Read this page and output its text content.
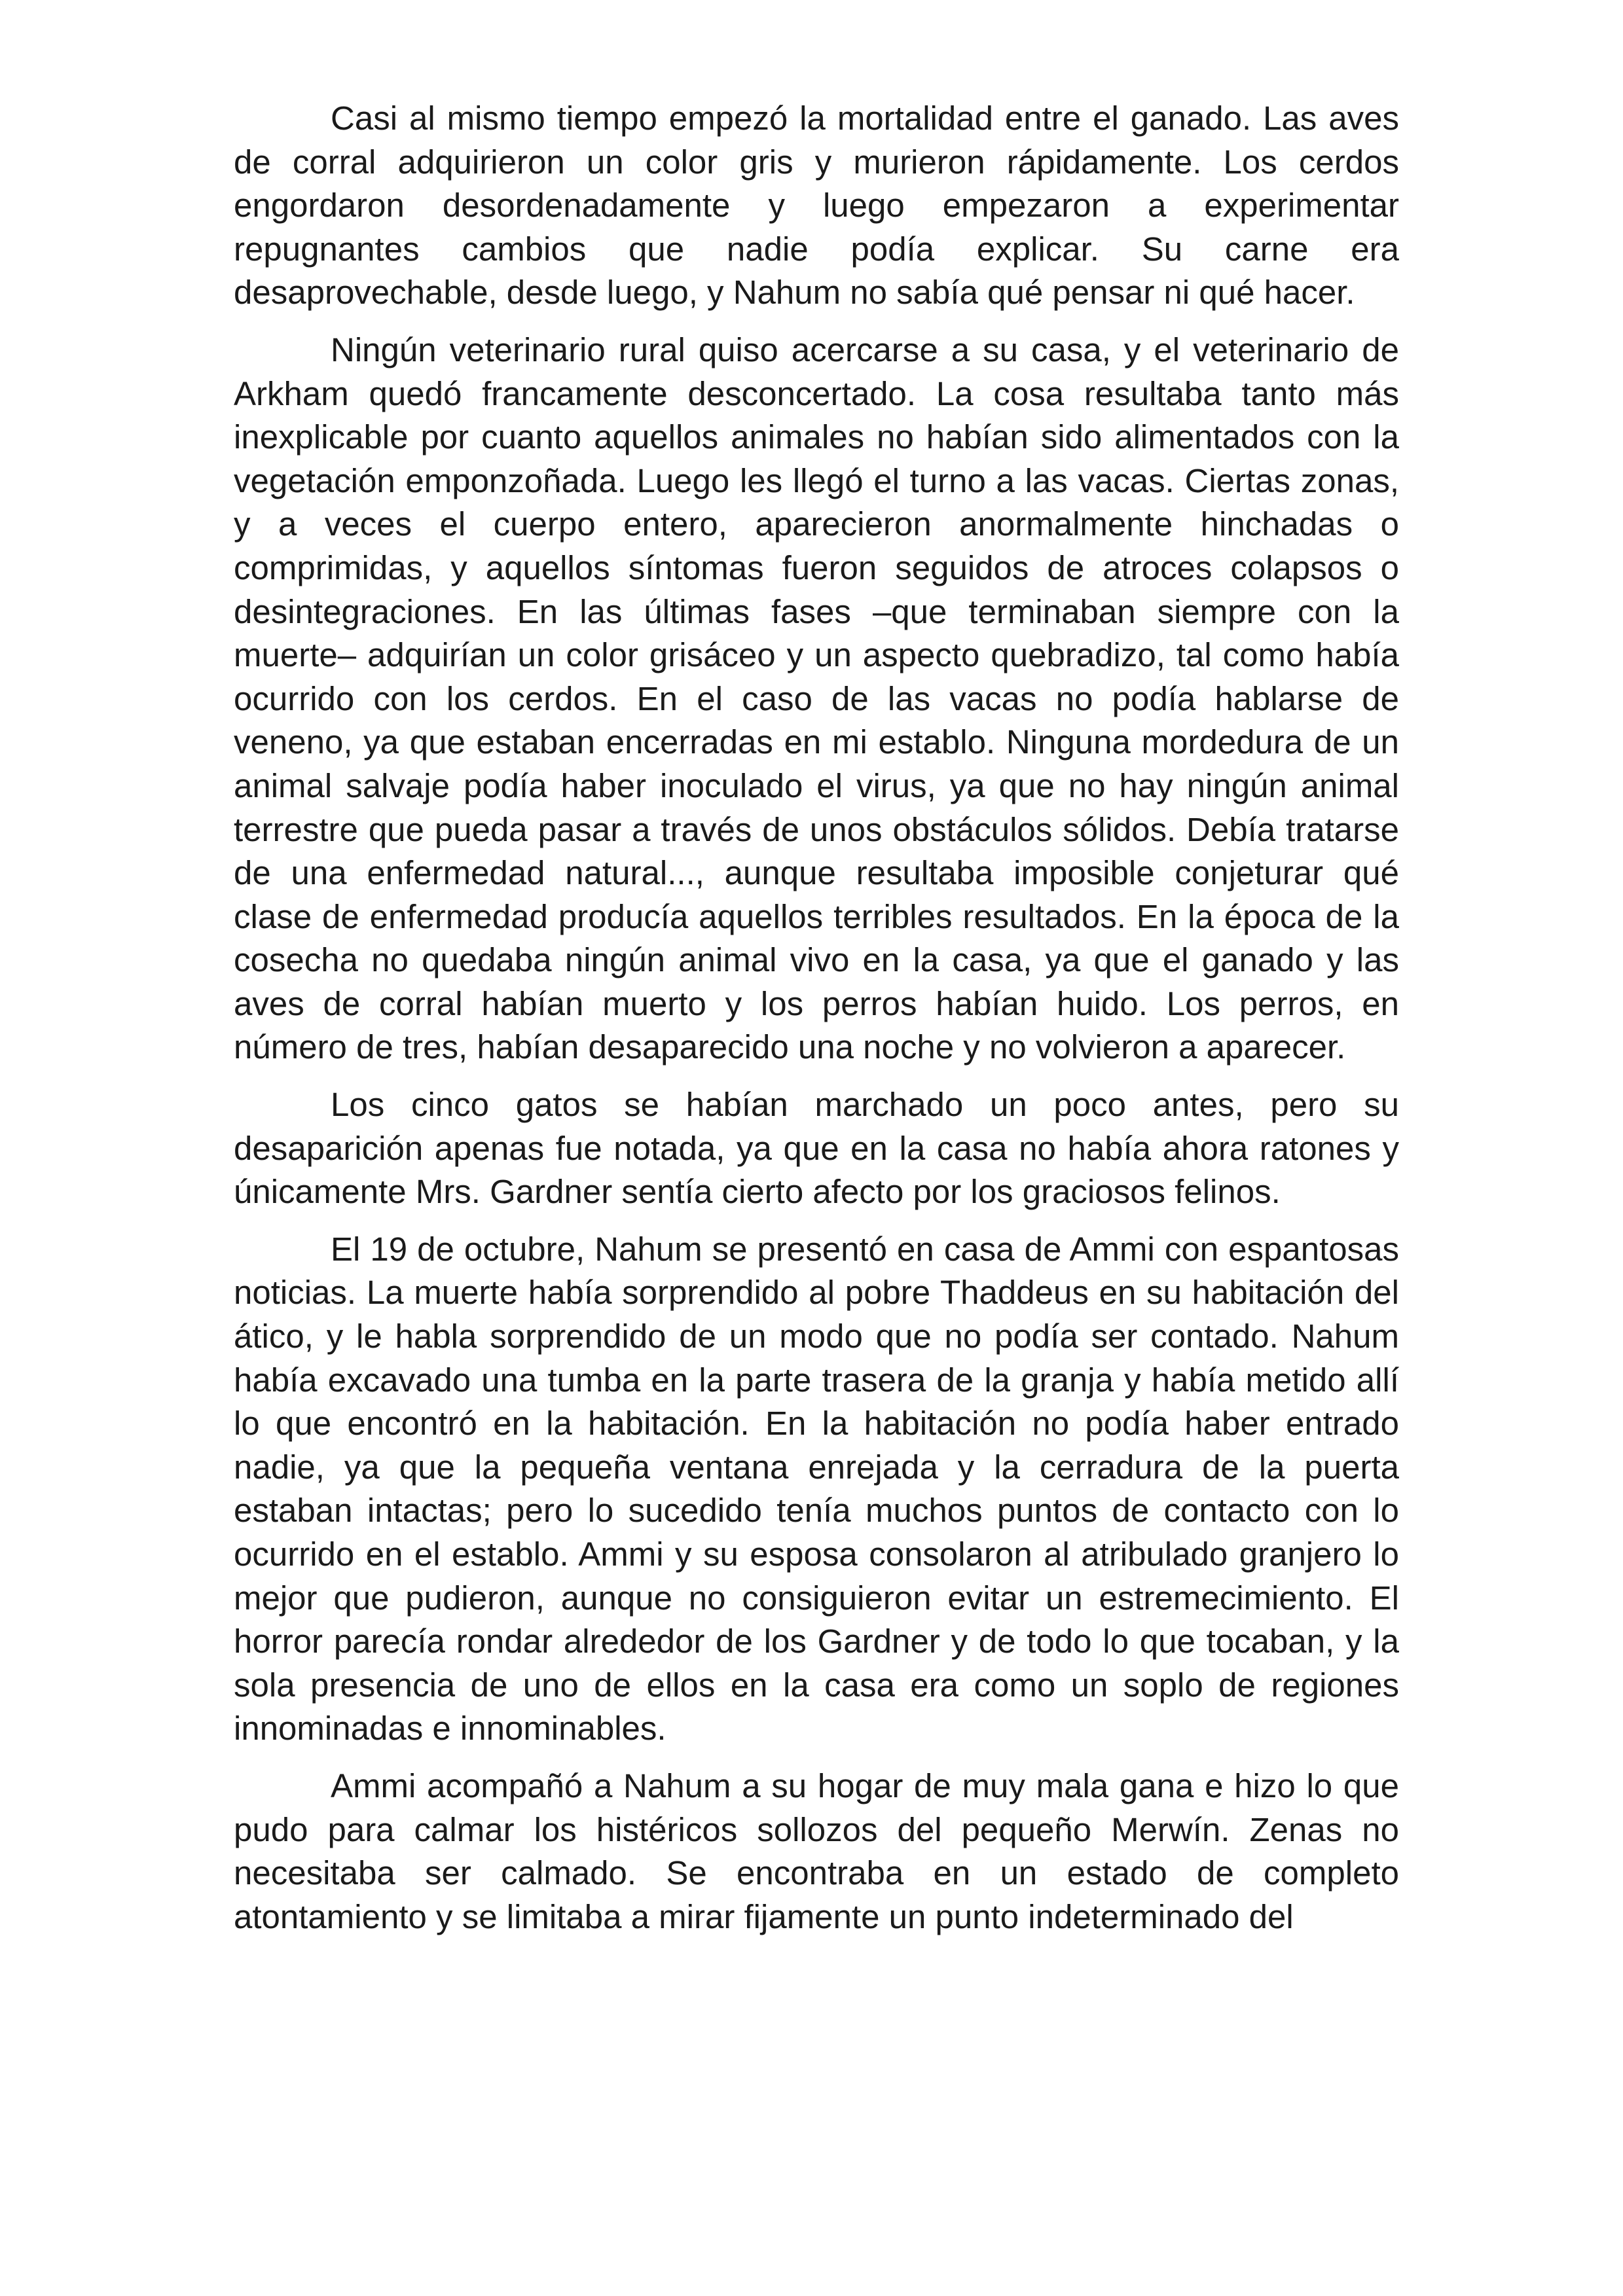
Casi al mismo tiempo empezó la mortalidad entre el ganado. Las aves de corral adquirieron un color gris y murieron rápidamente. Los cerdos engordaron desordenadamente y luego empezaron a experimentar repugnantes cambios que nadie podía explicar. Su carne era desaprovechable, desde luego, y Nahum no sabía qué pensar ni qué hacer.

Ningún veterinario rural quiso acercarse a su casa, y el veterinario de Arkham quedó francamente desconcertado. La cosa resultaba tanto más inexplicable por cuanto aquellos animales no habían sido alimentados con la vegetación emponzoñada. Luego les llegó el turno a las vacas. Ciertas zonas, y a veces el cuerpo entero, aparecieron anormalmente hinchadas o comprimidas, y aquellos síntomas fueron seguidos de atroces colapsos o desintegraciones. En las últimas fases –que terminaban siempre con la muerte– adquirían un color grisáceo y un aspecto quebradizo, tal como había ocurrido con los cerdos. En el caso de las vacas no podía hablarse de veneno, ya que estaban encerradas en mi establo. Ninguna mordedura de un animal salvaje podía haber inoculado el virus, ya que no hay ningún animal terrestre que pueda pasar a través de unos obstáculos sólidos. Debía tratarse de una enfermedad natural..., aunque resultaba imposible conjeturar qué clase de enfermedad producía aquellos terribles resultados. En la época de la cosecha no quedaba ningún animal vivo en la casa, ya que el ganado y las aves de corral habían muerto y los perros habían huido. Los perros, en número de tres, habían desaparecido una noche y no volvieron a aparecer.

Los cinco gatos se habían marchado un poco antes, pero su desaparición apenas fue notada, ya que en la casa no había ahora ratones y únicamente Mrs. Gardner sentía cierto afecto por los graciosos felinos.

El 19 de octubre, Nahum se presentó en casa de Ammi con espantosas noticias. La muerte había sorprendido al pobre Thaddeus en su habitación del ático, y le habla sorprendido de un modo que no podía ser contado. Nahum había excavado una tumba en la parte trasera de la granja y había metido allí lo que encontró en la habitación. En la habitación no podía haber entrado nadie, ya que la pequeña ventana enrejada y la cerradura de la puerta estaban intactas; pero lo sucedido tenía muchos puntos de contacto con lo ocurrido en el establo. Ammi y su esposa consolaron al atribulado granjero lo mejor que pudieron, aunque no consiguieron evitar un estremecimiento. El horror parecía rondar alrededor de los Gardner y de todo lo que tocaban, y la sola presencia de uno de ellos en la casa era como un soplo de regiones innominadas e innominables.

Ammi acompañó a Nahum a su hogar de muy mala gana e hizo lo que pudo para calmar los histéricos sollozos del pequeño Merwín. Zenas no necesitaba ser calmado. Se encontraba en un estado de completo atontamiento y se limitaba a mirar fijamente un punto indeterminado del
